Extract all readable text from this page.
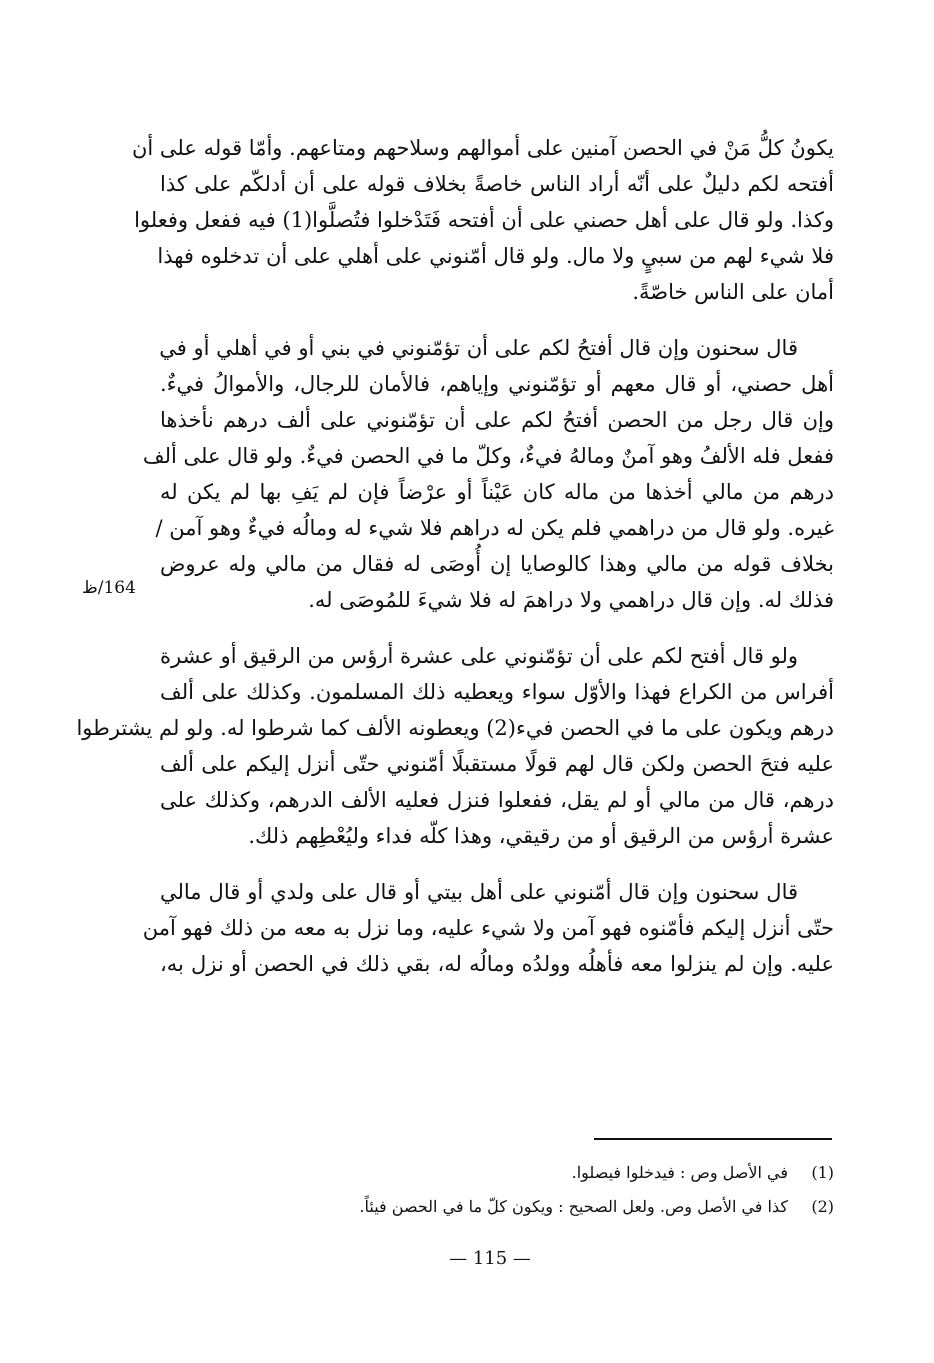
يكونُ كلُّ مَنْ في الحصن آمنين على أموالهم وسلاحهم ومتاعهم. وأمّا قوله على أن
أفتحه لكم دليلٌ على أنّه أراد الناس خاصةً بخلاف قوله على أن أدلكّم على كذا
وكذا. ولو قال على أهل حصني على أن أفتحه فَتَدْخلوا فتُصلَّوا(1) فيه ففعل وفعلوا
فلا شيء لهم من سبيٍ ولا مال. ولو قال أمّنوني على أهلي على أن تدخلوه فهذا
أمان على الناس خاصّةً.
قال سحنون وإن قال أفتحُ لكم على أن تؤمّنوني في بني أو في أهلي أو في
أهل حصني، أو قال معهم أو تؤمّنوني وإياهم، فالأمان للرجال، والأموالُ فيءٌ.
وإن قال رجل من الحصن أفتحُ لكم على أن تؤمّنوني على ألف درهم نأخذها
ففعل فله الألفُ وهو آمنٌ ومالهُ فيءٌ، وكلّ ما في الحصن فيءٌ. ولو قال على ألف
درهم من مالي أخذها من ماله كان عَيْناً أو عرْضاً فإن لم يَفِ بها لم يكن له
غيره. ولو قال من دراهمي فلم يكن له دراهم فلا شيء له ومالُه فيءٌ وهو آمن /
بخلاف قوله من مالي وهذا كالوصايا إن أُوصَى له فقال من مالي وله عروض
فذلك له. وإن قال دراهمي ولا دراهمَ له فلا شيءَ للمُوصَى له.
ولو قال أفتح لكم على أن تؤمّنوني على عشرة أرؤس من الرقيق أو عشرة
أفراس من الكراع فهذا والأوّل سواء ويعطيه ذلك المسلمون. وكذلك على ألف
درهم ويكون على ما في الحصن فيء(2) ويعطونه الألف كما شرطوا له. ولو لم يشترطوا
عليه فتحَ الحصن ولكن قال لهم قولًا مستقبلًا أمّنوني حتّى أنزل إليكم على ألف
درهم، قال من مالي أو لم يقل، ففعلوا فنزل فعليه الألف الدرهم، وكذلك على
عشرة أرؤس من الرقيق أو من رقيقي، وهذا كلّه فداء وليُعْطِهم ذلك.
قال سحنون وإن قال أمّنوني على أهل بيتي أو قال على ولدي أو قال مالي
حتّى أنزل إليكم فأمّنوه فهو آمن ولا شيء عليه، وما نزل به معه من ذلك فهو آمن
عليه. وإن لم ينزلوا معه فأهلُه وولدُه ومالُه له، بقي ذلك في الحصن أو نزل به،
164/ظ
(1)
في الأصل وص : فيدخلوا فيصلوا.
(2)
كذا في الأصل وص. ولعل الصحيح : ويكون كلّ ما في الحصن فيئاً.
— 115 —
